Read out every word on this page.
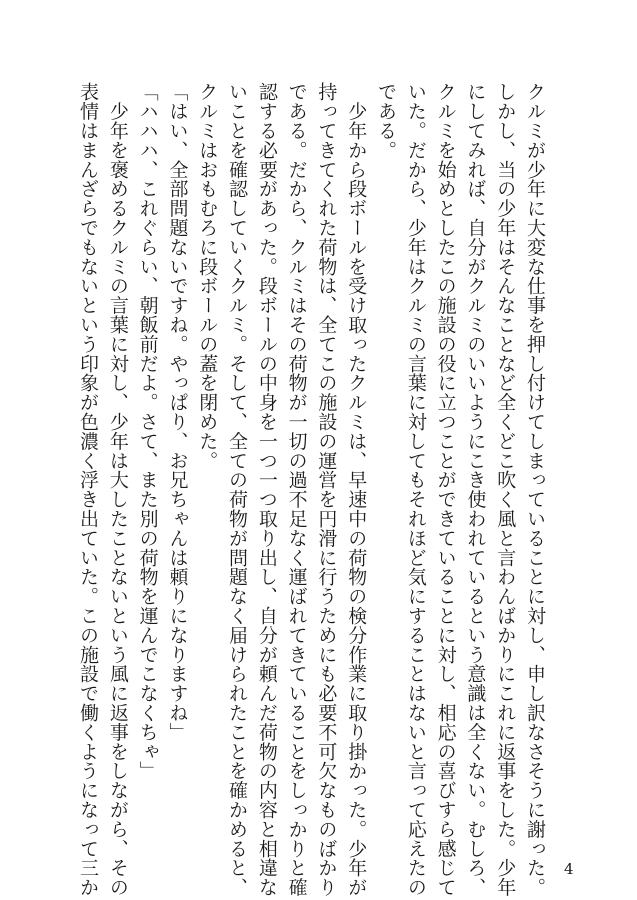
クルミが少年に大変な仕事を押し付けてしまっていることに対し、申し訳なさそうに謝った。
しかし、当の少年はそんなことなど全くどこ吹く風と言わんばかりにこれに返事をした。少年
にしてみれば、自分がクルミのいいようにこき使われているという意識は全くない。むしろ、
クルミを始めとしたこの施設の役に立つことができていることに対し、相応の喜びすら感じて
いた。だから、少年はクルミの言葉に対してもそれほど気にすることはないと言って応えたの
である。
　少年から段ボールを受け取ったクルミは、早速中の荷物の検分作業に取り掛かった。少年が
持ってきてくれた荷物は、全てこの施設の運営を円滑に行うためにも必要不可欠なものばかり
である。だから、クルミはその荷物が一切の過不足なく運ばれてきていることをしっかりと確
認する必要があった。段ボールの中身を一つ一つ取り出し、自分が頼んだ荷物の内容と相違な
いことを確認していくクルミ。そして、全ての荷物が問題なく届けられたことを確かめると、
クルミはおもむろに段ボールの蓋を閉めた。
「はい、全部問題ないですね。やっぱり、お兄ちゃんは頼りになりますね」
「ハハハ、これぐらい、朝飯前だよ。さて、また別の荷物を運んでこなくちゃ」
　少年を褒めるクルミの言葉に対し、少年は大したことないという風に返事をしながら、その
表情はまんざらでもないという印象が色濃く浮き出ていた。この施設で働くようになって三か	4
